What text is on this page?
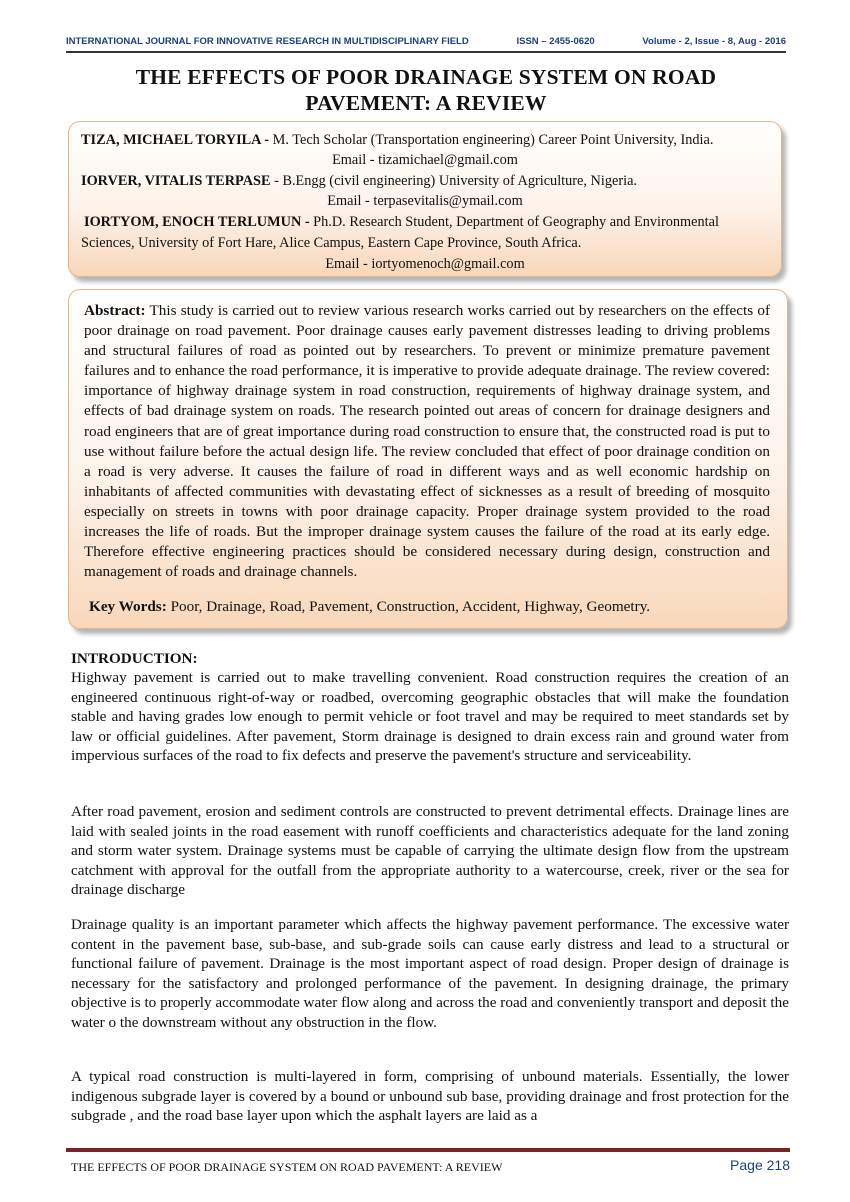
INTERNATIONAL JOURNAL FOR INNOVATIVE RESEARCH IN MULTIDISCIPLINARY FIELD	ISSN – 2455-0620	Volume - 2, Issue - 8, Aug - 2016
THE EFFECTS OF POOR DRAINAGE SYSTEM ON ROAD
PAVEMENT: A REVIEW
TIZA, MICHAEL TORYILA - M. Tech Scholar (Transportation engineering) Career Point University, India.
Email - tizamichael@gmail.com
IORVER, VITALIS TERPASE - B.Engg (civil engineering) University of Agriculture, Nigeria.
Email - terpasevitalis@ymail.com
IORTYOM, ENOCH TERLUMUN - Ph.D. Research Student, Department of Geography and Environmental
Sciences, University of Fort Hare, Alice Campus, Eastern Cape Province, South Africa.
Email - iortyomenoch@gmail.com
Abstract: This study is carried out to review various research works carried out by researchers on the effects of poor drainage on road pavement. Poor drainage causes early pavement distresses leading to driving problems and structural failures of road as pointed out by researchers. To prevent or minimize premature pavement failures and to enhance the road performance, it is imperative to provide adequate drainage. The review covered: importance of highway drainage system in road construction, requirements of highway drainage system, and effects of bad drainage system on roads. The research pointed out areas of concern for drainage designers and road engineers that are of great importance during road construction to ensure that, the constructed road is put to use without failure before the actual design life. The review concluded that effect of poor drainage condition on a road is very adverse. It causes the failure of road in different ways and as well economic hardship on inhabitants of affected communities with devastating effect of sicknesses as a result of breeding of mosquito especially on streets in towns with poor drainage capacity. Proper drainage system provided to the road increases the life of roads. But the improper drainage system causes the failure of the road at its early edge. Therefore effective engineering practices should be considered necessary during design, construction and management of roads and drainage channels.
Key Words: Poor, Drainage, Road, Pavement, Construction, Accident, Highway, Geometry.
INTRODUCTION:

Highway pavement is carried out to make travelling convenient. Road construction requires the creation of an engineered continuous right-of-way or roadbed, overcoming geographic obstacles that will make the foundation stable and having grades low enough to permit vehicle or foot travel and may be required to meet standards set by law or official guidelines. After pavement, Storm drainage is designed to drain excess rain and ground water from impervious surfaces of the road to fix defects and preserve the pavement's structure and serviceability.

After road pavement, erosion and sediment controls are constructed to prevent detrimental effects. Drainage lines are laid with sealed joints in the road easement with runoff coefficients and characteristics adequate for the land zoning and storm water system. Drainage systems must be capable of carrying the ultimate design flow from the upstream catchment with approval for the outfall from the appropriate authority to a watercourse, creek, river or the sea for drainage discharge

Drainage quality is an important parameter which affects the highway pavement performance. The excessive water content in the pavement base, sub-base, and sub-grade soils can cause early distress and lead to a structural or functional failure of pavement. Drainage is the most important aspect of road design. Proper design of drainage is necessary for the satisfactory and prolonged performance of the pavement. In designing drainage, the primary objective is to properly accommodate water flow along and across the road and conveniently transport and deposit the water o the downstream without any obstruction in the flow.

A typical road construction is multi-layered in form, comprising of unbound materials. Essentially, the lower indigenous subgrade layer is covered by a bound or unbound sub base, providing drainage and frost protection for the subgrade , and the road base layer upon which the asphalt layers are laid as a

THE EFFECTS OF POOR DRAINAGE SYSTEM ON ROAD PAVEMENT: A REVIEW	Page 218
